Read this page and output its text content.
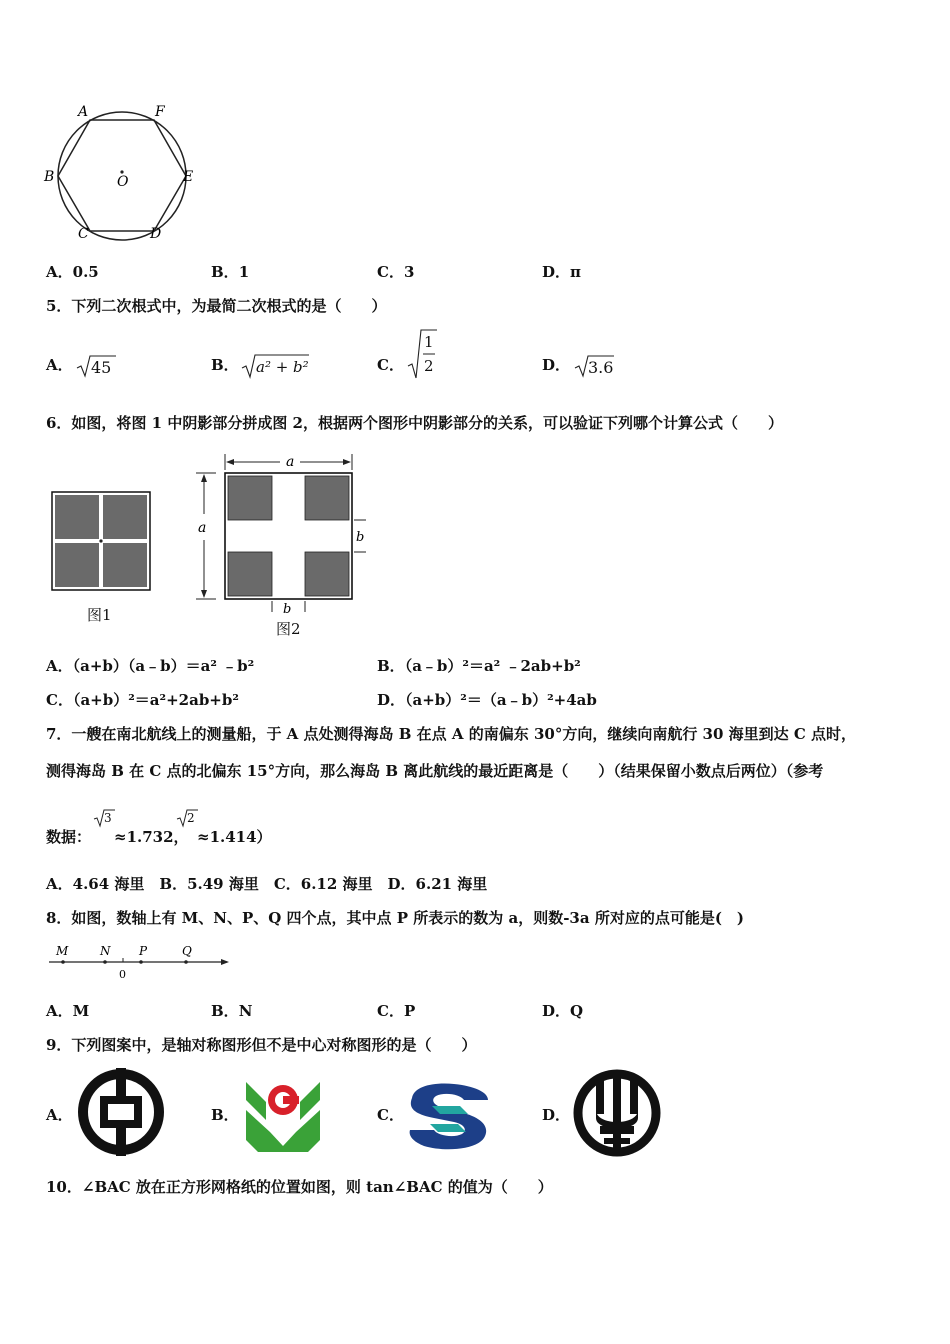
A	F
B	E
C	D
O
A．0.5	B．1	C．3	D．π
5．下列二次根式中，为最简二次根式的是（　　）
A． 45	B． a² + b²	C．
1
2	D． 3.6
6．如图，将图 1 中阴影部分拼成图 2，根据两个图形中阴影部分的关系，可以验证下列哪个计算公式（　　）
图1
a
a
b
b
图2
A．（a+b）（a﹣b）＝a² ﹣b²	B．（a﹣b）²＝a² ﹣2ab+b²
C．（a+b）²＝a²+2ab+b²	D．（a+b）²＝（a﹣b）²+4ab
7．一艘在南北航线上的测量船，于 A 点处测得海岛 B 在点 A 的南偏东 30°方向，继续向南航行 30 海里到达 C 点时，
测得海岛 B 在 C 点的北偏东 15°方向，那么海岛 B 离此航线的最近距离是（　　）（结果保留小数点后两位）（参考
数据：
3
≈1.732，
2
≈1.414）
A．4.64 海里　B．5.49 海里　C．6.12 海里　D．6.21 海里
8．如图，数轴上有 M、N、P、Q 四个点，其中点 P 所表示的数为 a，则数-3a 所对应的点可能是(　)
M	N P	Q
0
A．M	B．N	C．P	D．Q
9．下列图案中，是轴对称图形但不是中心对称图形的是（　　）
A．	B．	C．	D．
10．∠BAC 放在正方形网格纸的位置如图，则 tan∠BAC 的值为（　　）
